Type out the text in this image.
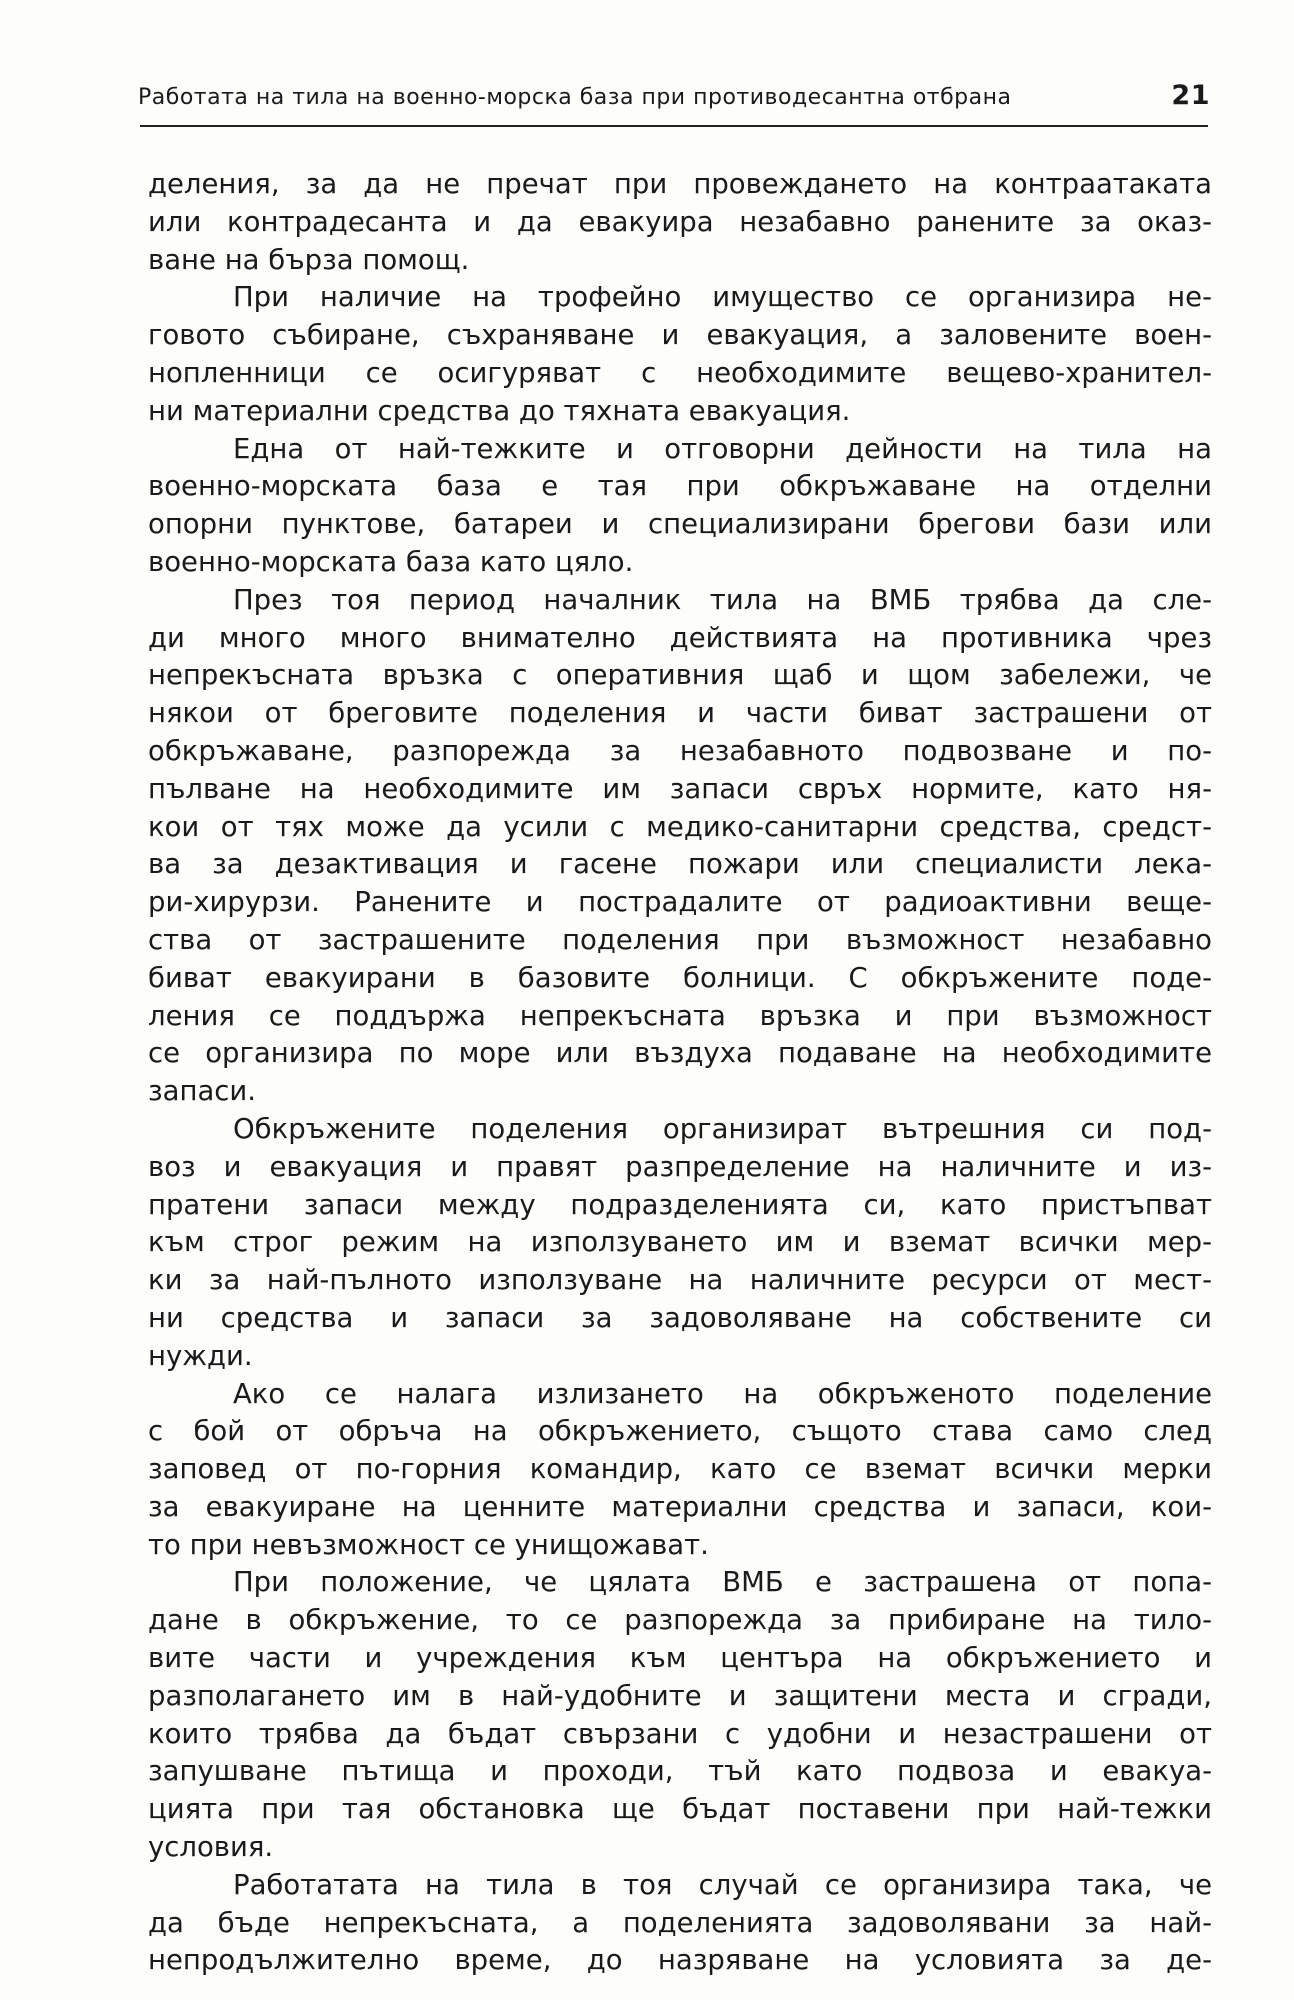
Работата на тила на военно-морска база при противодесантна отбрана	21
деления, за да не пречат при провеждането на контраатаката
или контрадесанта и да евакуира незабавно ранените за оказ-
ване на бърза помощ.
При наличие на трофейно имущество се организира не-
говото събиране, съхраняване и евакуация, а заловените воен-
нопленници се осигуряват с необходимите вещево-хранител-
ни материални средства до тяхната евакуация.
Една от най-тежките и отговорни дейности на тила на
военно-морската база е тая при обкръжаване на отделни
опорни пунктове, батареи и специализирани брегови бази или
военно-морската база като цяло.
През тоя период началник тила на ВМБ трябва да сле-
ди много много внимателно действията на противника чрез
непрекъсната връзка с оперативния щаб и щом забележи, че
някои от бреговите поделения и части биват застрашени от
обкръжаване, разпорежда за незабавното подвозване и по-
пълване на необходимите им запаси свръх нормите, като ня-
кои от тях може да усили с медико-санитарни средства, средст-
ва за дезактивация и гасене пожари или специалисти лека-
ри-хирурзи. Ранените и пострадалите от радиоактивни веще-
ства от застрашените поделения при възможност незабавно
биват евакуирани в базовите болници. С обкръжените поде-
ления се поддържа непрекъсната връзка и при възможност
се организира по море или въздуха подаване на необходимите
запаси.
Обкръжените поделения организират вътрешния си под-
воз и евакуация и правят разпределение на наличните и из-
пратени запаси между подразделенията си, като пристъпват
към строг режим на използуването им и вземат всички мер-
ки за най-пълното използуване на наличните ресурси от мест-
ни средства и запаси за задоволяване на собствените си
нужди.
Ако се налага излизането на обкръженото поделение
с бой от обръча на обкръжението, същото става само след
заповед от по-горния командир, като се вземат всички мерки
за евакуиране на ценните материални средства и запаси, кои-
то при невъзможност се унищожават.
При положение, че цялата ВМБ е застрашена от попа-
дане в обкръжение, то се разпорежда за прибиране на тило-
вите части и учреждения към центъра на обкръжението и
разполагането им в най-удобните и защитени места и сгради,
които трябва да бъдат свързани с удобни и незастрашени от
запушване пътища и проходи, тъй като подвоза и евакуа-
цията при тая обстановка ще бъдат поставени при най-тежки
условия.
Работатата на тила в тоя случай се организира така, че
да бъде непрекъсната, а поделенията задоволявани за най-
непродължително време, до назряване на условията за де-
